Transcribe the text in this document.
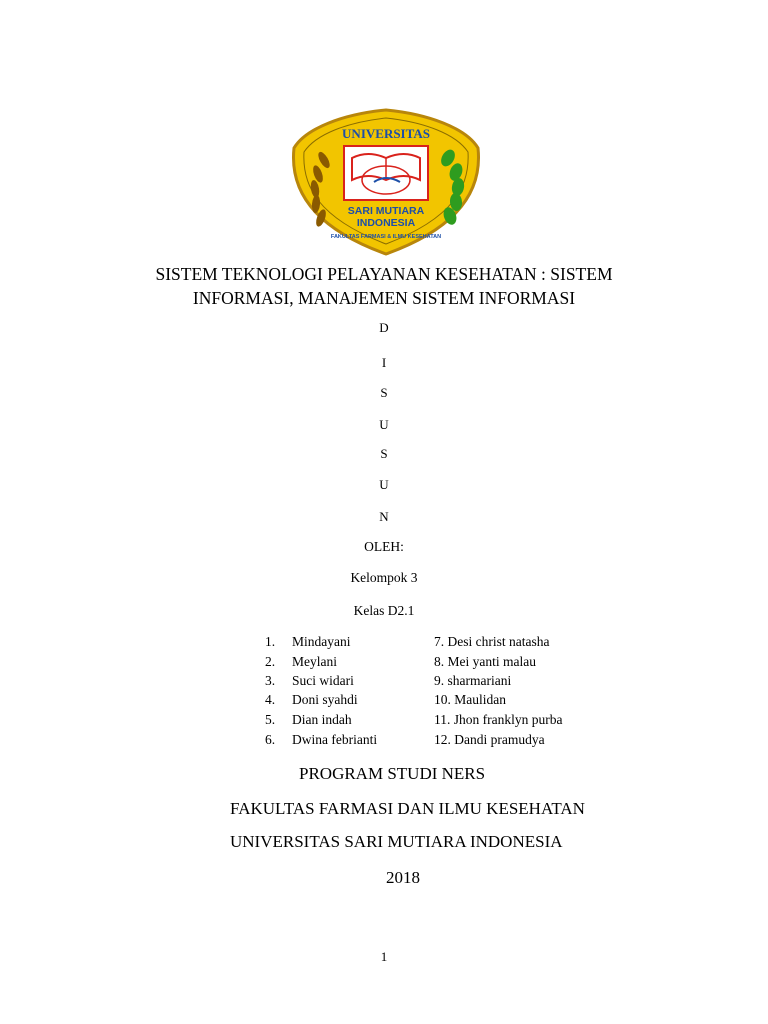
UNIVERSITAS
SARI MUTIARA
INDONESIA
FAKULTAS FARMASI & ILMU KESEHATAN
SISTEM TEKNOLOGI PELAYANAN KESEHATAN : SISTEM
INFORMASI, MANAJEMEN SISTEM INFORMASI
D
I
S
U
S
U
N
OLEH:
Kelompok 3
Kelas D2.1
1. Mindayani
2. Meylani
3. Suci widari
4. Doni syahdi
5. Dian indah
6. Dwina febrianti
7. Desi christ natasha
8. Mei yanti malau
9. sharmariani
10. Maulidan
11. Jhon franklyn purba
12. Dandi pramudya
PROGRAM STUDI NERS
FAKULTAS FARMASI DAN ILMU KESEHATAN
UNIVERSITAS SARI MUTIARA INDONESIA
2018
1
